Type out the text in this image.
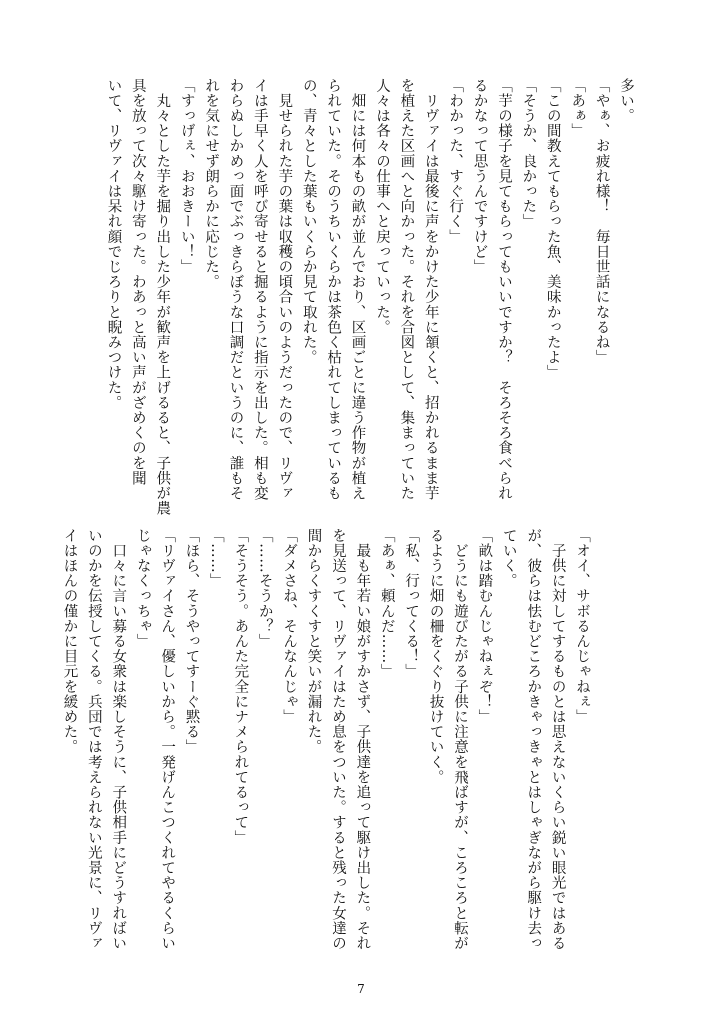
多い。
「やぁ、お疲れ様！　毎日世話になるね」
「あぁ」
「この間教えてもらった魚、美味かったよ」
「そうか、良かった」
「芋の様子を見てもらってもいいですか？　そろそろ食べられ
るかなって思うんですけど」
「わかった、すぐ行く」
　リヴァイは最後に声をかけた少年に頷くと、招かれるまま芋
を植えた区画へと向かった。それを合図として、集まっていた
人々は各々の仕事へと戻っていった。
　畑には何本もの畝が並んでおり、区画ごとに違う作物が植え
られていた。そのうちいくらかは茶色く枯れてしまっているも
の、青々とした葉もいくらか見て取れた。
　見せられた芋の葉は収穫の頃合いのようだったので、リヴァ
イは手早く人を呼び寄せると掘るように指示を出した。相も変
わらぬしかめっ面でぶっきらぼうな口調だというのに、誰もそ
れを気にせず朗らかに応じた。
「すっげぇ、おおきーい！」
　丸々とした芋を掘り出した少年が歓声を上げるると、子供が農
具を放って次々駆け寄った。わあっと高い声がざめくのを聞
いて、リヴァイは呆れ顔でじろりと睨みつけた。
「オイ、サボるんじゃねぇ」
　子供に対してするものとは思えないくらい鋭い眼光ではある
が、彼らは怯むどころかきゃっきゃとはしゃぎながら駆け去っ
ていく。
「畝は踏むんじゃねぇぞ！」
　どうにも遊びたがる子供に注意を飛ばすが、ころころと転が
るように畑の柵をくぐり抜けていく。
「私、行ってくる！」
「あぁ、頼んだ……」
　最も年若い娘がすかさず、子供達を追って駆け出した。それ
を見送って、リヴァイはため息をついた。すると残った女達の
間からくすくすと笑いが漏れた。
「ダメさね、そんなんじゃ」
「……そうか？」
「そうそう。あんた完全にナメられてるって」
「……」
「ほら、そうやってすーぐ黙る」
「リヴァイさん、優しいから。一発げんこつくれてやるくらい
じゃなくっちゃ」
　口々に言い募る女衆は楽しそうに、子供相手にどうすればい
いのかを伝授してくる。兵団では考えられない光景に、リヴァ
イはほんの僅かに目元を緩めた。
7
